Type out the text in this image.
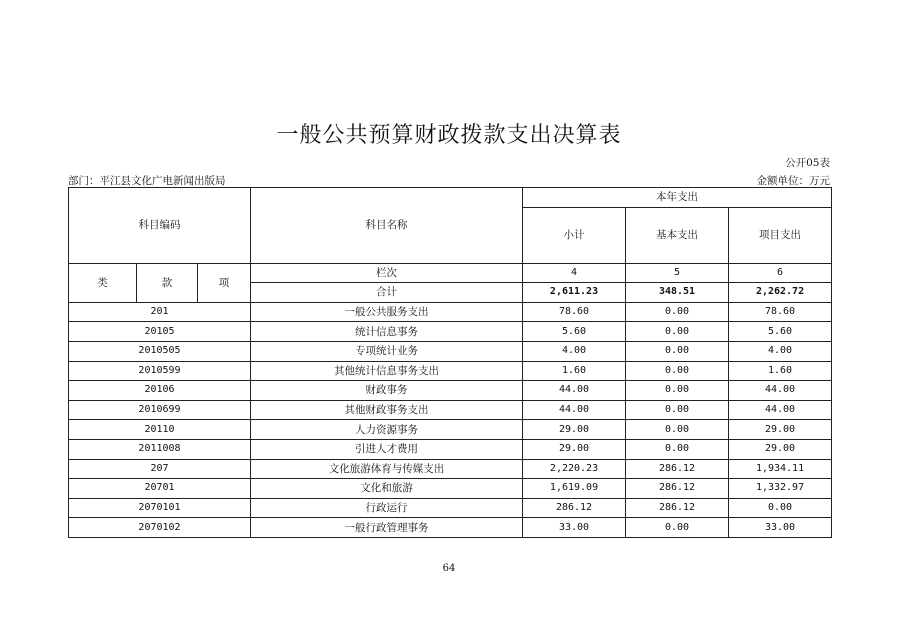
一般公共预算财政拨款支出决算表
公开05表
部门：平江县文化广电新闻出版局	金额单位：万元
科目编码			科目名称	本年支出		
				小计	基本支出	项目支出
类	款	项	栏次	4	5	6
			合计	2,611.23	348.51	2,262.72
201			一般公共服务支出	78.60	0.00	78.60
20105			统计信息事务	5.60	0.00	5.60
2010505			专项统计业务	4.00	0.00	4.00
2010599			其他统计信息事务支出	1.60	0.00	1.60
20106			财政事务	44.00	0.00	44.00
2010699			其他财政事务支出	44.00	0.00	44.00
20110			人力资源事务	29.00	0.00	29.00
2011008			引进人才费用	29.00	0.00	29.00
207			文化旅游体育与传媒支出	2,220.23	286.12	1,934.11
20701			文化和旅游	1,619.09	286.12	1,332.97
2070101			行政运行	286.12	286.12	0.00
2070102			一般行政管理事务	33.00	0.00	33.00
64
